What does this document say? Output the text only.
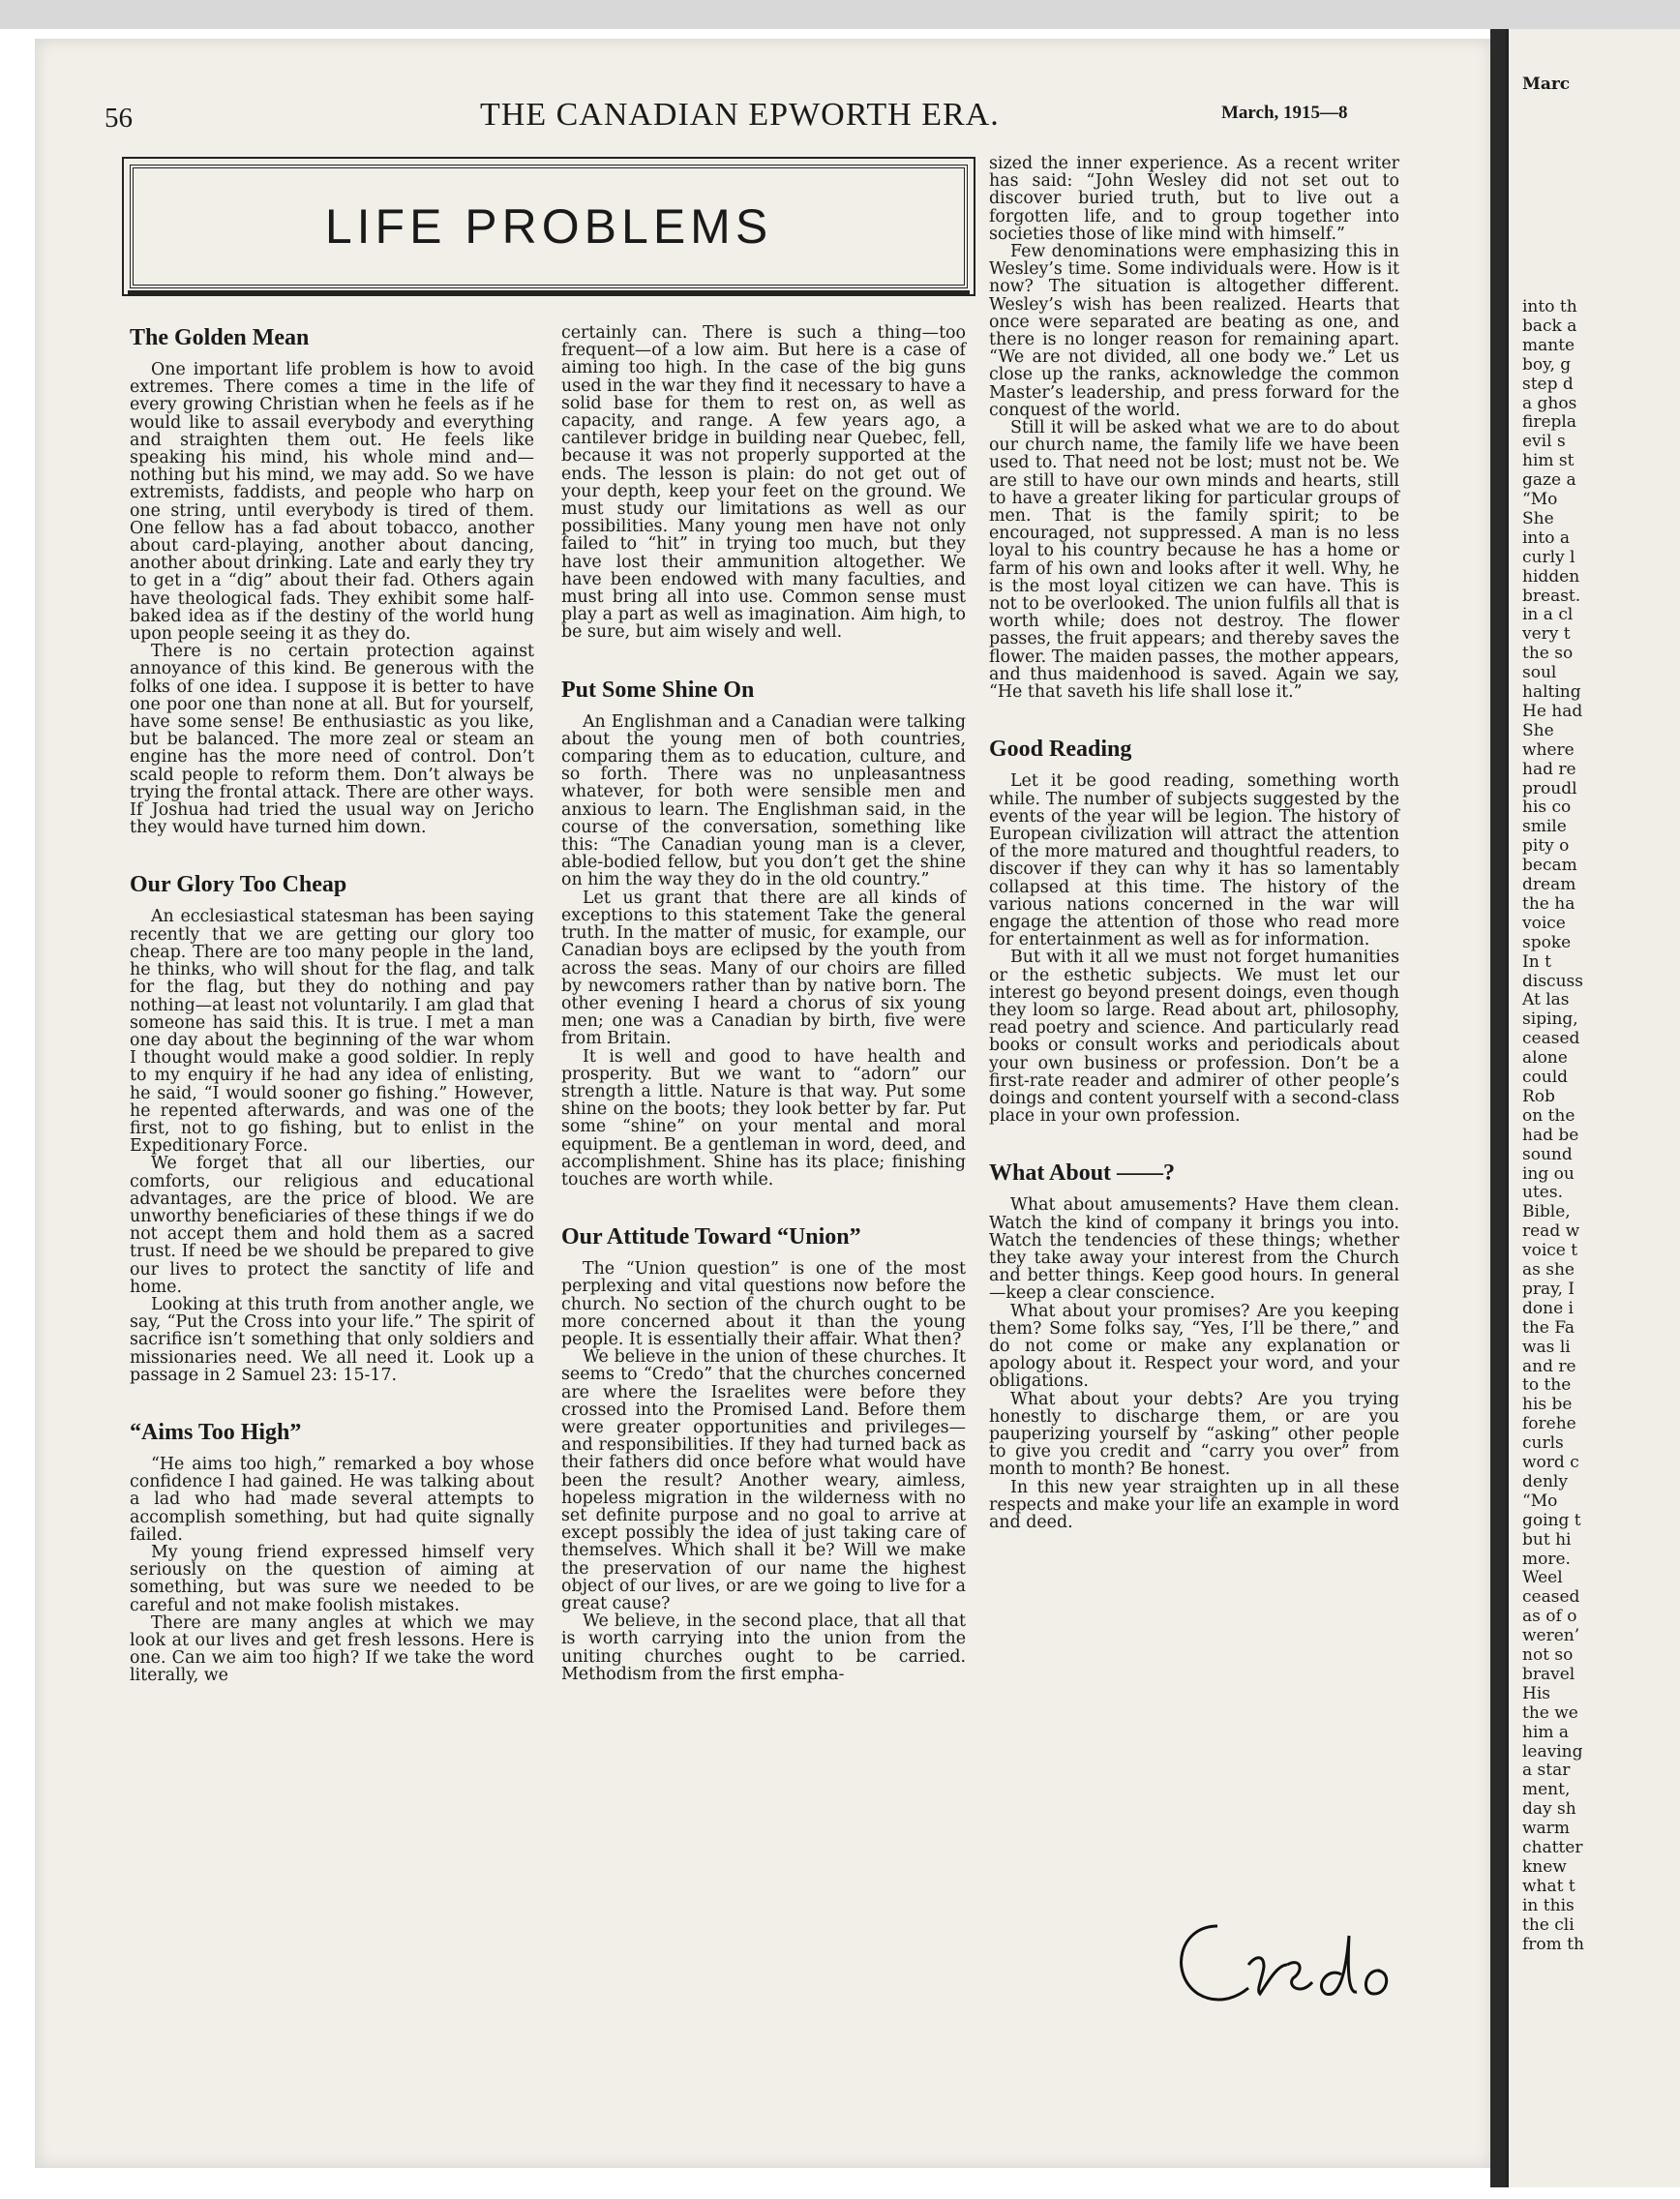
Marc
into th
back a
mante
boy, g
step d
a ghos
firepla
evil s
him st
gaze a
“Mo
She
into a
curly l
hidden
breast.
in a cl
very t
the so
soul
halting
He had
She
where
had re
proudl
his co
smile
pity o
becam
dream
the ha
voice
spoke
In t
discuss
At las
siping,
ceased
alone
could
Rob
on the
had be
sound
ing ou
utes.
Bible,
read w
voice t
as she
pray, I
done i
the Fa
was li
and re
to the
his be
forehe
curls
word c
denly
“Mo
going t
but hi
more.
Weel
ceased
as of o
weren’
not so
bravel
His
the we
him a
leaving
a star
ment,
day sh
warm
chatter
knew
what t
in this
the cli
from th
56	THE CANADIAN EPWORTH ERA.	March, 1915—8
LIFE PROBLEMS
The Golden Mean

One important life problem is how to avoid extremes. There comes a time in the life of every growing Christian when he feels as if he would like to assail everybody and everything and straighten them out. He feels like speaking his mind, his whole mind and—nothing but his mind, we may add. So we have extremists, faddists, and people who harp on one string, until everybody is tired of them. One fellow has a fad about tobacco, another about card-playing, another about dancing, another about drinking. Late and early they try to get in a “dig” about their fad. Others again have theological fads. They exhibit some half-baked idea as if the destiny of the world hung upon people seeing it as they do.

There is no certain protection against annoyance of this kind. Be generous with the folks of one idea. I suppose it is better to have one poor one than none at all. But for yourself, have some sense! Be enthusiastic as you like, but be balanced. The more zeal or steam an engine has the more need of control. Don’t scald people to reform them. Don’t always be trying the frontal attack. There are other ways. If Joshua had tried the usual way on Jericho they would have turned him down.

Our Glory Too Cheap

An ecclesiastical statesman has been saying recently that we are getting our glory too cheap. There are too many people in the land, he thinks, who will shout for the flag, and talk for the flag, but they do nothing and pay nothing—at least not voluntarily. I am glad that someone has said this. It is true. I met a man one day about the beginning of the war whom I thought would make a good soldier. In reply to my enquiry if he had any idea of enlisting, he said, “I would sooner go fishing.” However, he repented afterwards, and was one of the first, not to go fishing, but to enlist in the Expeditionary Force.

We forget that all our liberties, our comforts, our religious and educational advantages, are the price of blood. We are unworthy beneficiaries of these things if we do not accept them and hold them as a sacred trust. If need be we should be prepared to give our lives to protect the sanctity of life and home.

Looking at this truth from another angle, we say, “Put the Cross into your life.” The spirit of sacrifice isn’t something that only soldiers and missionaries need. We all need it. Look up a passage in 2 Samuel 23: 15-17.

“Aims Too High”

“He aims too high,” remarked a boy whose confidence I had gained. He was talking about a lad who had made several attempts to accomplish something, but had quite signally failed.

My young friend expressed himself very seriously on the question of aiming at something, but was sure we needed to be careful and not make foolish mistakes.

There are many angles at which we may look at our lives and get fresh lessons. Here is one. Can we aim too high? If we take the word literally, we

certainly can. There is such a thing—too frequent—of a low aim. But here is a case of aiming too high. In the case of the big guns used in the war they find it necessary to have a solid base for them to rest on, as well as capacity, and range. A few years ago, a cantilever bridge in building near Quebec, fell, because it was not properly supported at the ends. The lesson is plain: do not get out of your depth, keep your feet on the ground. We must study our limitations as well as our possibilities. Many young men have not only failed to “hit” in trying too much, but they have lost their ammunition altogether. We have been endowed with many faculties, and must bring all into use. Common sense must play a part as well as imagination. Aim high, to be sure, but aim wisely and well.

Put Some Shine On

An Englishman and a Canadian were talking about the young men of both countries, comparing them as to education, culture, and so forth. There was no unpleasantness whatever, for both were sensible men and anxious to learn. The Englishman said, in the course of the conversation, something like this: “The Canadian young man is a clever, able-bodied fellow, but you don’t get the shine on him the way they do in the old country.”

Let us grant that there are all kinds of exceptions to this statement Take the general truth. In the matter of music, for example, our Canadian boys are eclipsed by the youth from across the seas. Many of our choirs are filled by newcomers rather than by native born. The other evening I heard a chorus of six young men; one was a Canadian by birth, five were from Britain.

It is well and good to have health and prosperity. But we want to “adorn” our strength a little. Nature is that way. Put some shine on the boots; they look better by far. Put some “shine” on your mental and moral equipment. Be a gentleman in word, deed, and accomplishment. Shine has its place; finishing touches are worth while.

Our Attitude Toward “Union”

The “Union question” is one of the most perplexing and vital questions now before the church. No section of the church ought to be more concerned about it than the young people. It is essentially their affair. What then?

We believe in the union of these churches. It seems to “Credo” that the churches concerned are where the Israelites were before they crossed into the Promised Land. Before them were greater opportunities and privileges—and responsibilities. If they had turned back as their fathers did once before what would have been the result? Another weary, aimless, hopeless migration in the wilderness with no set definite purpose and no goal to arrive at except possibly the idea of just taking care of themselves. Which shall it be? Will we make the preservation of our name the highest object of our lives, or are we going to live for a great cause?

We believe, in the second place, that all that is worth carrying into the union from the uniting churches ought to be carried. Methodism from the first empha-

sized the inner experience. As a recent writer has said: “John Wesley did not set out to discover buried truth, but to live out a forgotten life, and to group together into societies those of like mind with himself.”

Few denominations were emphasizing this in Wesley’s time. Some individuals were. How is it now? The situation is altogether different. Wesley’s wish has been realized. Hearts that once were separated are beating as one, and there is no longer reason for remaining apart. “We are not divided, all one body we.” Let us close up the ranks, acknowledge the common Master’s leadership, and press forward for the conquest of the world.

Still it will be asked what we are to do about our church name, the family life we have been used to. That need not be lost; must not be. We are still to have our own minds and hearts, still to have a greater liking for particular groups of men. That is the family spirit; to be encouraged, not suppressed. A man is no less loyal to his country because he has a home or farm of his own and looks after it well. Why, he is the most loyal citizen we can have. This is not to be overlooked. The union fulfils all that is worth while; does not destroy. The flower passes, the fruit appears; and thereby saves the flower. The maiden passes, the mother appears, and thus maidenhood is saved. Again we say, “He that saveth his life shall lose it.”

Good Reading

Let it be good reading, something worth while. The number of subjects suggested by the events of the year will be legion. The history of European civilization will attract the attention of the more matured and thoughtful readers, to discover if they can why it has so lamentably collapsed at this time. The history of the various nations concerned in the war will engage the attention of those who read more for entertainment as well as for information.

But with it all we must not forget humanities or the esthetic subjects. We must let our interest go beyond present doings, even though they loom so large. Read about art, philosophy, read poetry and science. And particularly read books or consult works and periodicals about your own business or profession. Don’t be a first-rate reader and admirer of other people’s doings and content yourself with a second-class place in your own profession.

What About ——?

What about amusements? Have them clean. Watch the kind of company it brings you into. Watch the tendencies of these things; whether they take away your interest from the Church and better things. Keep good hours. In general—keep a clear conscience.

What about your promises? Are you keeping them? Some folks say, “Yes, I’ll be there,” and do not come or make any explanation or apology about it. Respect your word, and your obligations.

What about your debts? Are you trying honestly to discharge them, or are you pauperizing yourself by “asking” other people to give you credit and “carry you over” from month to month? Be honest.

In this new year straighten up in all these respects and make your life an example in word and deed.
